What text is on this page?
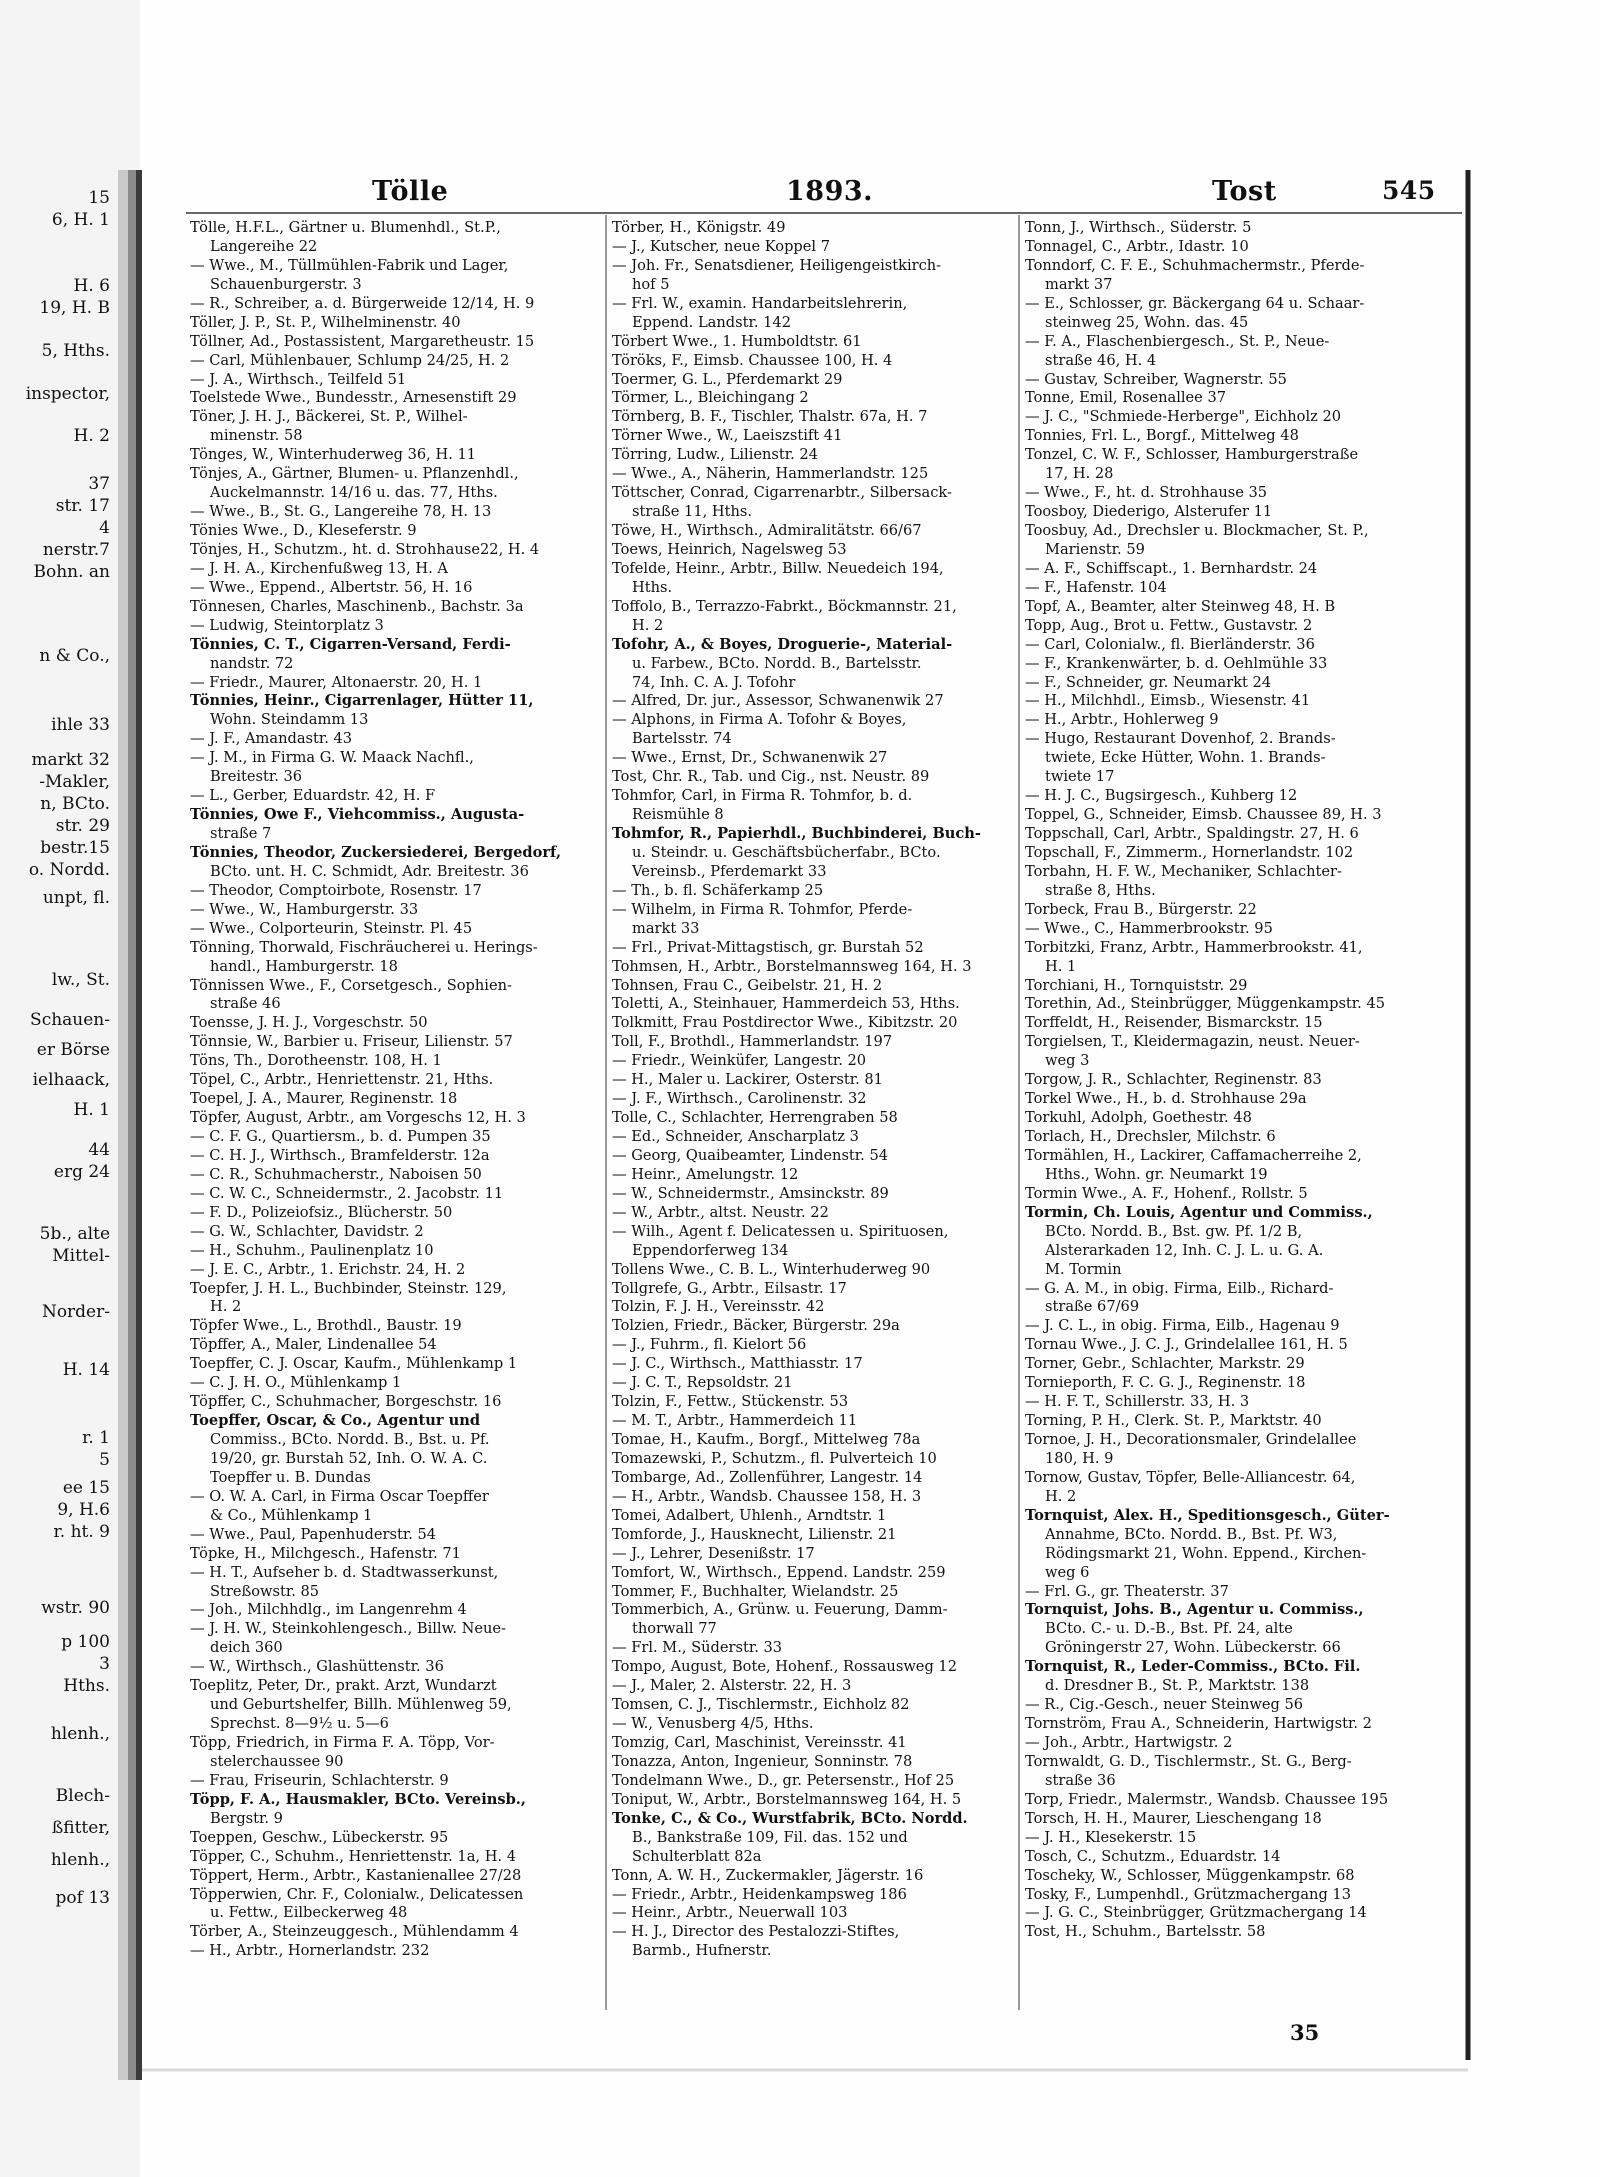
15
6, H. 1
H. 6
19, H. B
5, Hths.
inspector,
H. 2
37
str. 17
4
nerstr.7
Bohn. an
n & Co.,
ihle 33
markt 32
-Makler,
n, BCto.
str. 29
bestr.15
o. Nordd.
unpt, fl.
lw., St.
Schauen-
er Börse
ielhaack,
H. 1
44
erg 24
5b., alte
Mittel-
Norder-
H. 14
r. 1
5
ee 15
9, H.6
r. ht. 9
wstr. 90
p 100
3
Hths.
hlenh.,
Blech-
ßfitter,
hlenh.,
pof 13
Tölle	1893.	Tost	545
Tölle, H.F.L., Gärtner u. Blumenhdl., St.P.,
Langereihe 22
— Wwe., M., Tüllmühlen-Fabrik und Lager,
Schauenburgerstr. 3
— R., Schreiber, a. d. Bürgerweide 12/14, H. 9
Töller, J. P., St. P., Wilhelminenstr. 40
Töllner, Ad., Postassistent, Margaretheustr. 15
— Carl, Mühlenbauer, Schlump 24/25, H. 2
— J. A., Wirthsch., Teilfeld 51
Toelstede Wwe., Bundesstr., Arnesenstift 29
Töner, J. H. J., Bäckerei, St. P., Wilhel-
minenstr. 58
Tönges, W., Winterhuderweg 36, H. 11
Tönjes, A., Gärtner, Blumen- u. Pflanzenhdl.,
Auckelmannstr. 14/16 u. das. 77, Hths.
— Wwe., B., St. G., Langereihe 78, H. 13
Tönies Wwe., D., Kleseferstr. 9
Tönjes, H., Schutzm., ht. d. Strohhause22, H. 4
— J. H. A., Kirchenfußweg 13, H. A
— Wwe., Eppend., Albertstr. 56, H. 16
Tönnesen, Charles, Maschinenb., Bachstr. 3a
— Ludwig, Steintorplatz 3
Tönnies, C. T., Cigarren-Versand, Ferdi-
nandstr. 72
— Friedr., Maurer, Altonaerstr. 20, H. 1
Tönnies, Heinr., Cigarrenlager, Hütter 11,
Wohn. Steindamm 13
— J. F., Amandastr. 43
— J. M., in Firma G. W. Maack Nachfl.,
Breitestr. 36
— L., Gerber, Eduardstr. 42, H. F
Tönnies, Owe F., Viehcommiss., Augusta-
straße 7
Tönnies, Theodor, Zuckersiederei, Bergedorf,
BCto. unt. H. C. Schmidt, Adr. Breitestr. 36
— Theodor, Comptoirbote, Rosenstr. 17
— Wwe., W., Hamburgerstr. 33
— Wwe., Colporteurin, Steinstr. Pl. 45
Tönning, Thorwald, Fischräucherei u. Herings-
handl., Hamburgerstr. 18
Tönnissen Wwe., F., Corsetgesch., Sophien-
straße 46
Toensse, J. H. J., Vorgeschstr. 50
Tönnsie, W., Barbier u. Friseur, Lilienstr. 57
Töns, Th., Dorotheenstr. 108, H. 1
Töpel, C., Arbtr., Henriettenstr. 21, Hths.
Toepel, J. A., Maurer, Reginenstr. 18
Töpfer, August, Arbtr., am Vorgeschs 12, H. 3
— C. F. G., Quartiersm., b. d. Pumpen 35
— C. H. J., Wirthsch., Bramfelderstr. 12a
— C. R., Schuhmacherstr., Naboisen 50
— C. W. C., Schneidermstr., 2. Jacobstr. 11
— F. D., Polizeiofsiz., Blücherstr. 50
— G. W., Schlachter, Davidstr. 2
— H., Schuhm., Paulinenplatz 10
— J. E. C., Arbtr., 1. Erichstr. 24, H. 2
Toepfer, J. H. L., Buchbinder, Steinstr. 129,
H. 2
Töpfer Wwe., L., Brothdl., Baustr. 19
Töpffer, A., Maler, Lindenallee 54
Toepffer, C. J. Oscar, Kaufm., Mühlenkamp 1
— C. J. H. O., Mühlenkamp 1
Töpffer, C., Schuhmacher, Borgeschstr. 16
Toepffer, Oscar, & Co., Agentur und
Commiss., BCto. Nordd. B., Bst. u. Pf.
19/20, gr. Burstah 52, Inh. O. W. A. C.
Toepffer u. B. Dundas
— O. W. A. Carl, in Firma Oscar Toepffer
& Co., Mühlenkamp 1
— Wwe., Paul, Papenhuderstr. 54
Töpke, H., Milchgesch., Hafenstr. 71
— H. T., Aufseher b. d. Stadtwasserkunst,
Streßowstr. 85
— Joh., Milchhdlg., im Langenrehm 4
— J. H. W., Steinkohlengesch., Billw. Neue-
deich 360
— W., Wirthsch., Glashüttenstr. 36
Toeplitz, Peter, Dr., prakt. Arzt, Wundarzt
und Geburtshelfer, Billh. Mühlenweg 59,
Sprechst. 8—9½ u. 5—6
Töpp, Friedrich, in Firma F. A. Töpp, Vor-
stelerchaussee 90
— Frau, Friseurin, Schlachterstr. 9
Töpp, F. A., Hausmakler, BCto. Vereinsb.,
Bergstr. 9
Toeppen, Geschw., Lübeckerstr. 95
Töpper, C., Schuhm., Henriettenstr. 1a, H. 4
Töppert, Herm., Arbtr., Kastanienallee 27/28
Töpperwien, Chr. F., Colonialw., Delicatessen
u. Fettw., Eilbeckerweg 48
Törber, A., Steinzeuggesch., Mühlendamm 4
— H., Arbtr., Hornerlandstr. 232
Törber, H., Königstr. 49
— J., Kutscher, neue Koppel 7
— Joh. Fr., Senatsdiener, Heiligengeistkirch-
hof 5
— Frl. W., examin. Handarbeitslehrerin,
Eppend. Landstr. 142
Törbert Wwe., 1. Humboldtstr. 61
Töröks, F., Eimsb. Chaussee 100, H. 4
Toermer, G. L., Pferdemarkt 29
Törmer, L., Bleichingang 2
Törnberg, B. F., Tischler, Thalstr. 67a, H. 7
Törner Wwe., W., Laeiszstift 41
Törring, Ludw., Lilienstr. 24
— Wwe., A., Näherin, Hammerlandstr. 125
Töttscher, Conrad, Cigarrenarbtr., Silbersack-
straße 11, Hths.
Töwe, H., Wirthsch., Admiralitätstr. 66/67
Toews, Heinrich, Nagelsweg 53
Tofelde, Heinr., Arbtr., Billw. Neuedeich 194,
Hths.
Toffolo, B., Terrazzo-Fabrkt., Böckmannstr. 21,
H. 2
Tofohr, A., & Boyes, Droguerie-, Material-
u. Farbew., BCto. Nordd. B., Bartelsstr.
74, Inh. C. A. J. Tofohr
— Alfred, Dr. jur., Assessor, Schwanenwik 27
— Alphons, in Firma A. Tofohr & Boyes,
Bartelsstr. 74
— Wwe., Ernst, Dr., Schwanenwik 27
Tost, Chr. R., Tab. und Cig., nst. Neustr. 89
Tohmfor, Carl, in Firma R. Tohmfor, b. d.
Reismühle 8
Tohmfor, R., Papierhdl., Buchbinderei, Buch-
u. Steindr. u. Geschäftsbücherfabr., BCto.
Vereinsb., Pferdemarkt 33
— Th., b. fl. Schäferkamp 25
— Wilhelm, in Firma R. Tohmfor, Pferde-
markt 33
— Frl., Privat-Mittagstisch, gr. Burstah 52
Tohmsen, H., Arbtr., Borstelmannsweg 164, H. 3
Tohnsen, Frau C., Geibelstr. 21, H. 2
Toletti, A., Steinhauer, Hammerdeich 53, Hths.
Tolkmitt, Frau Postdirector Wwe., Kibitzstr. 20
Toll, F., Brothdl., Hammerlandstr. 197
— Friedr., Weinküfer, Langestr. 20
— H., Maler u. Lackirer, Osterstr. 81
— J. F., Wirthsch., Carolinenstr. 32
Tolle, C., Schlachter, Herrengraben 58
— Ed., Schneider, Anscharplatz 3
— Georg, Quaibeamter, Lindenstr. 54
— Heinr., Amelungstr. 12
— W., Schneidermstr., Amsinckstr. 89
— W., Arbtr., altst. Neustr. 22
— Wilh., Agent f. Delicatessen u. Spirituosen,
Eppendorferweg 134
Tollens Wwe., C. B. L., Winterhuderweg 90
Tollgrefe, G., Arbtr., Eilsastr. 17
Tolzin, F. J. H., Vereinsstr. 42
Tolzien, Friedr., Bäcker, Bürgerstr. 29a
— J., Fuhrm., fl. Kielort 56
— J. C., Wirthsch., Matthiasstr. 17
— J. C. T., Repsoldstr. 21
Tolzin, F., Fettw., Stückenstr. 53
— M. T., Arbtr., Hammerdeich 11
Tomae, H., Kaufm., Borgf., Mittelweg 78a
Tomazewski, P., Schutzm., fl. Pulverteich 10
Tombarge, Ad., Zollenführer, Langestr. 14
— H., Arbtr., Wandsb. Chaussee 158, H. 3
Tomei, Adalbert, Uhlenh., Arndtstr. 1
Tomforde, J., Hausknecht, Lilienstr. 21
— J., Lehrer, Desenißstr. 17
Tomfort, W., Wirthsch., Eppend. Landstr. 259
Tommer, F., Buchhalter, Wielandstr. 25
Tommerbich, A., Grünw. u. Feuerung, Damm-
thorwall 77
— Frl. M., Süderstr. 33
Tompo, August, Bote, Hohenf., Rossausweg 12
— J., Maler, 2. Alsterstr. 22, H. 3
Tomsen, C. J., Tischlermstr., Eichholz 82
— W., Venusberg 4/5, Hths.
Tomzig, Carl, Maschinist, Vereinsstr. 41
Tonazza, Anton, Ingenieur, Sonninstr. 78
Tondelmann Wwe., D., gr. Petersenstr., Hof 25
Toniput, W., Arbtr., Borstelmannsweg 164, H. 5
Tonke, C., & Co., Wurstfabrik, BCto. Nordd.
B., Bankstraße 109, Fil. das. 152 und
Schulterblatt 82a
Tonn, A. W. H., Zuckermakler, Jägerstr. 16
— Friedr., Arbtr., Heidenkampsweg 186
— Heinr., Arbtr., Neuerwall 103
— H. J., Director des Pestalozzi-Stiftes,
Barmb., Hufnerstr.
Tonn, J., Wirthsch., Süderstr. 5
Tonnagel, C., Arbtr., Idastr. 10
Tonndorf, C. F. E., Schuhmachermstr., Pferde-
markt 37
— E., Schlosser, gr. Bäckergang 64 u. Schaar-
steinweg 25, Wohn. das. 45
— F. A., Flaschenbiergesch., St. P., Neue-
straße 46, H. 4
— Gustav, Schreiber, Wagnerstr. 55
Tonne, Emil, Rosenallee 37
— J. C., "Schmiede-Herberge", Eichholz 20
Tonnies, Frl. L., Borgf., Mittelweg 48
Tonzel, C. W. F., Schlosser, Hamburgerstraße
17, H. 28
— Wwe., F., ht. d. Strohhause 35
Toosboy, Diederigo, Alsterufer 11
Toosbuy, Ad., Drechsler u. Blockmacher, St. P.,
Marienstr. 59
— A. F., Schiffscapt., 1. Bernhardstr. 24
— F., Hafenstr. 104
Topf, A., Beamter, alter Steinweg 48, H. B
Topp, Aug., Brot u. Fettw., Gustavstr. 2
— Carl, Colonialw., fl. Bierländerstr. 36
— F., Krankenwärter, b. d. Oehlmühle 33
— F., Schneider, gr. Neumarkt 24
— H., Milchhdl., Eimsb., Wiesenstr. 41
— H., Arbtr., Hohlerweg 9
— Hugo, Restaurant Dovenhof, 2. Brands-
twiete, Ecke Hütter, Wohn. 1. Brands-
twiete 17
— H. J. C., Bugsirgesch., Kuhberg 12
Toppel, G., Schneider, Eimsb. Chaussee 89, H. 3
Toppschall, Carl, Arbtr., Spaldingstr. 27, H. 6
Topschall, F., Zimmerm., Hornerlandstr. 102
Torbahn, H. F. W., Mechaniker, Schlachter-
straße 8, Hths.
Torbeck, Frau B., Bürgerstr. 22
— Wwe., C., Hammerbrookstr. 95
Torbitzki, Franz, Arbtr., Hammerbrookstr. 41,
H. 1
Torchiani, H., Tornquiststr. 29
Torethin, Ad., Steinbrügger, Müggenkampstr. 45
Torffeldt, H., Reisender, Bismarckstr. 15
Torgielsen, T., Kleidermagazin, neust. Neuer-
weg 3
Torgow, J. R., Schlachter, Reginenstr. 83
Torkel Wwe., H., b. d. Strohhause 29a
Torkuhl, Adolph, Goethestr. 48
Torlach, H., Drechsler, Milchstr. 6
Tormählen, H., Lackirer, Caffamacherreihe 2,
Hths., Wohn. gr. Neumarkt 19
Tormin Wwe., A. F., Hohenf., Rollstr. 5
Tormin, Ch. Louis, Agentur und Commiss.,
BCto. Nordd. B., Bst. gw. Pf. 1/2 B,
Alsterarkaden 12, Inh. C. J. L. u. G. A.
M. Tormin
— G. A. M., in obig. Firma, Eilb., Richard-
straße 67/69
— J. C. L., in obig. Firma, Eilb., Hagenau 9
Tornau Wwe., J. C. J., Grindelallee 161, H. 5
Torner, Gebr., Schlachter, Markstr. 29
Tornieporth, F. C. G. J., Reginenstr. 18
— H. F. T., Schillerstr. 33, H. 3
Torning, P. H., Clerk. St. P., Marktstr. 40
Tornoe, J. H., Decorationsmaler, Grindelallee
180, H. 9
Tornow, Gustav, Töpfer, Belle-Alliancestr. 64,
H. 2
Tornquist, Alex. H., Speditionsgesch., Güter-
Annahme, BCto. Nordd. B., Bst. Pf. W3,
Rödingsmarkt 21, Wohn. Eppend., Kirchen-
weg 6
— Frl. G., gr. Theaterstr. 37
Tornquist, Johs. B., Agentur u. Commiss.,
BCto. C.- u. D.-B., Bst. Pf. 24, alte
Gröningerstr 27, Wohn. Lübeckerstr. 66
Tornquist, R., Leder-Commiss., BCto. Fil.
d. Dresdner B., St. P., Marktstr. 138
— R., Cig.-Gesch., neuer Steinweg 56
Tornström, Frau A., Schneiderin, Hartwigstr. 2
— Joh., Arbtr., Hartwigstr. 2
Tornwaldt, G. D., Tischlermstr., St. G., Berg-
straße 36
Torp, Friedr., Malermstr., Wandsb. Chaussee 195
Torsch, H. H., Maurer, Lieschengang 18
— J. H., Klesekerstr. 15
Tosch, C., Schutzm., Eduardstr. 14
Toscheky, W., Schlosser, Müggenkampstr. 68
Tosky, F., Lumpenhdl., Grützmachergang 13
— J. G. C., Steinbrügger, Grützmachergang 14
Tost, H., Schuhm., Bartelsstr. 58
35
